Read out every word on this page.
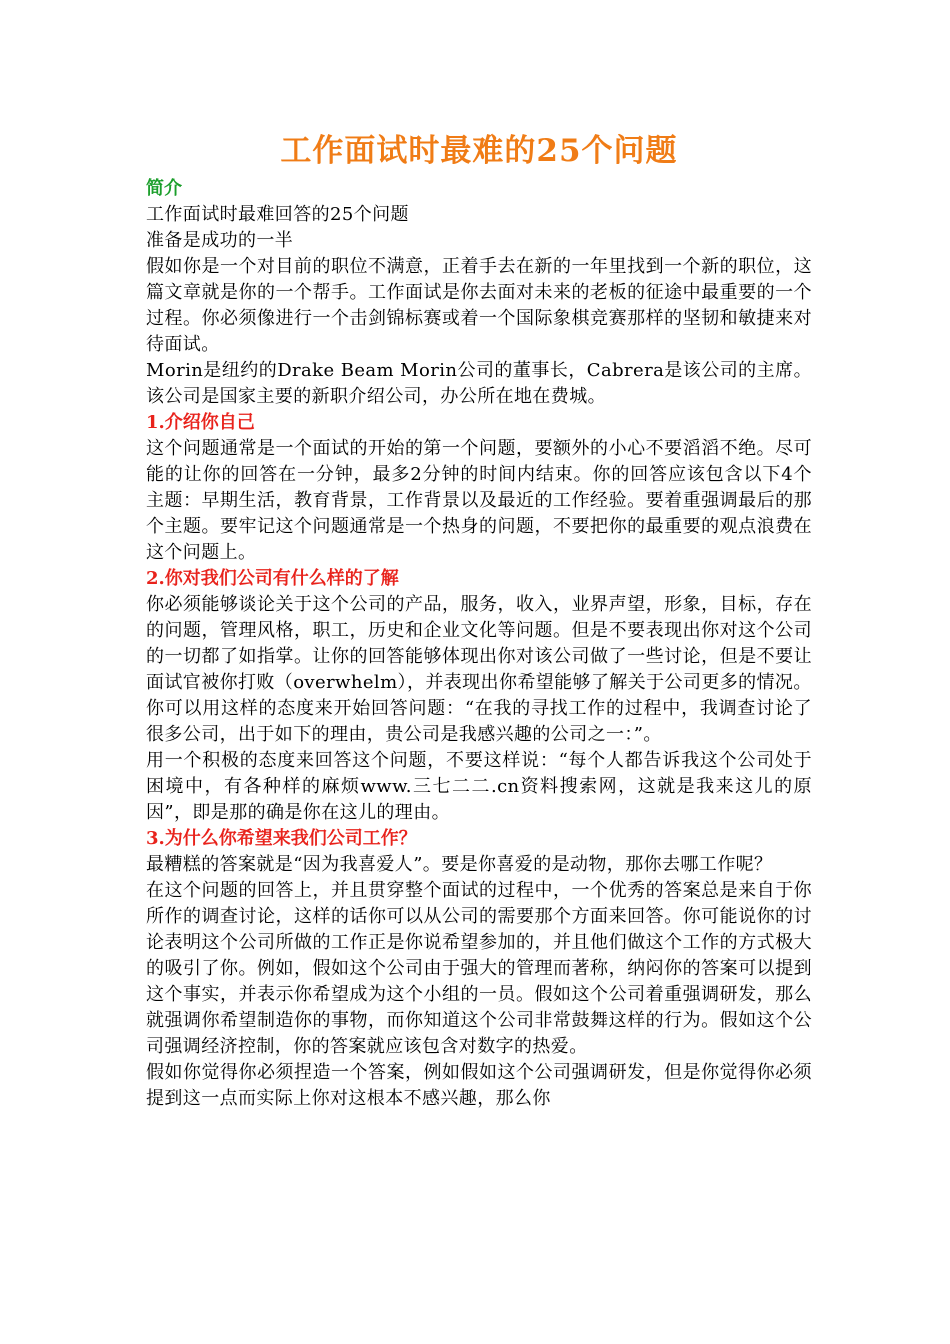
工作面试时最难的25个问题
简介

工作面试时最难回答的25个问题

准备是成功的一半

假如你是一个对目前的职位不满意，正着手去在新的一年里找到一个新的职位，这篇文章就是你的一个帮手。工作面试是你去面对未来的老板的征途中最重要的一个过程。你必须像进行一个击剑锦标赛或着一个国际象棋竞赛那样的坚韧和敏捷来对待面试。

Morin是纽约的Drake Beam Morin公司的董事长，Cabrera是该公司的主席。该公司是国家主要的新职介绍公司，办公所在地在费城。

1.介绍你自己

这个问题通常是一个面试的开始的第一个问题，要额外的小心不要滔滔不绝。尽可能的让你的回答在一分钟，最多2分钟的时间内结束。你的回答应该包含以下4个主题：早期生活，教育背景，工作背景以及最近的工作经验。要着重强调最后的那个主题。要牢记这个问题通常是一个热身的问题，不要把你的最重要的观点浪费在这个问题上。

2.你对我们公司有什么样的了解

你必须能够谈论关于这个公司的产品，服务，收入，业界声望，形象，目标，存在的问题，管理风格，职工，历史和企业文化等问题。但是不要表现出你对这个公司的一切都了如指掌。让你的回答能够体现出你对该公司做了一些讨论，但是不要让面试官被你打败（overwhelm），并表现出你希望能够了解关于公司更多的情况。

你可以用这样的态度来开始回答问题：“在我的寻找工作的过程中，我调查讨论了很多公司，出于如下的理由，贵公司是我感兴趣的公司之一：”。

用一个积极的态度来回答这个问题，不要这样说：“每个人都告诉我这个公司处于困境中，有各种样的麻烦www.三七二二.cn资料搜索网，这就是我来这儿的原因”，即是那的确是你在这儿的理由。

3.为什么你希望来我们公司工作？

最糟糕的答案就是“因为我喜爱人”。要是你喜爱的是动物，那你去哪工作呢？

在这个问题的回答上，并且贯穿整个面试的过程中，一个优秀的答案总是来自于你所作的调查讨论，这样的话你可以从公司的需要那个方面来回答。你可能说你的讨论表明这个公司所做的工作正是你说希望参加的，并且他们做这个工作的方式极大的吸引了你。例如，假如这个公司由于强大的管理而著称，纳闷你的答案可以提到这个事实，并表示你希望成为这个小组的一员。假如这个公司着重强调研发，那么就强调你希望制造你的事物，而你知道这个公司非常鼓舞这样的行为。假如这个公司强调经济控制，你的答案就应该包含对数字的热爱。

假如你觉得你必须捏造一个答案，例如假如这个公司强调研发，但是你觉得你必须提到这一点而实际上你对这根本不感兴趣，那么你
